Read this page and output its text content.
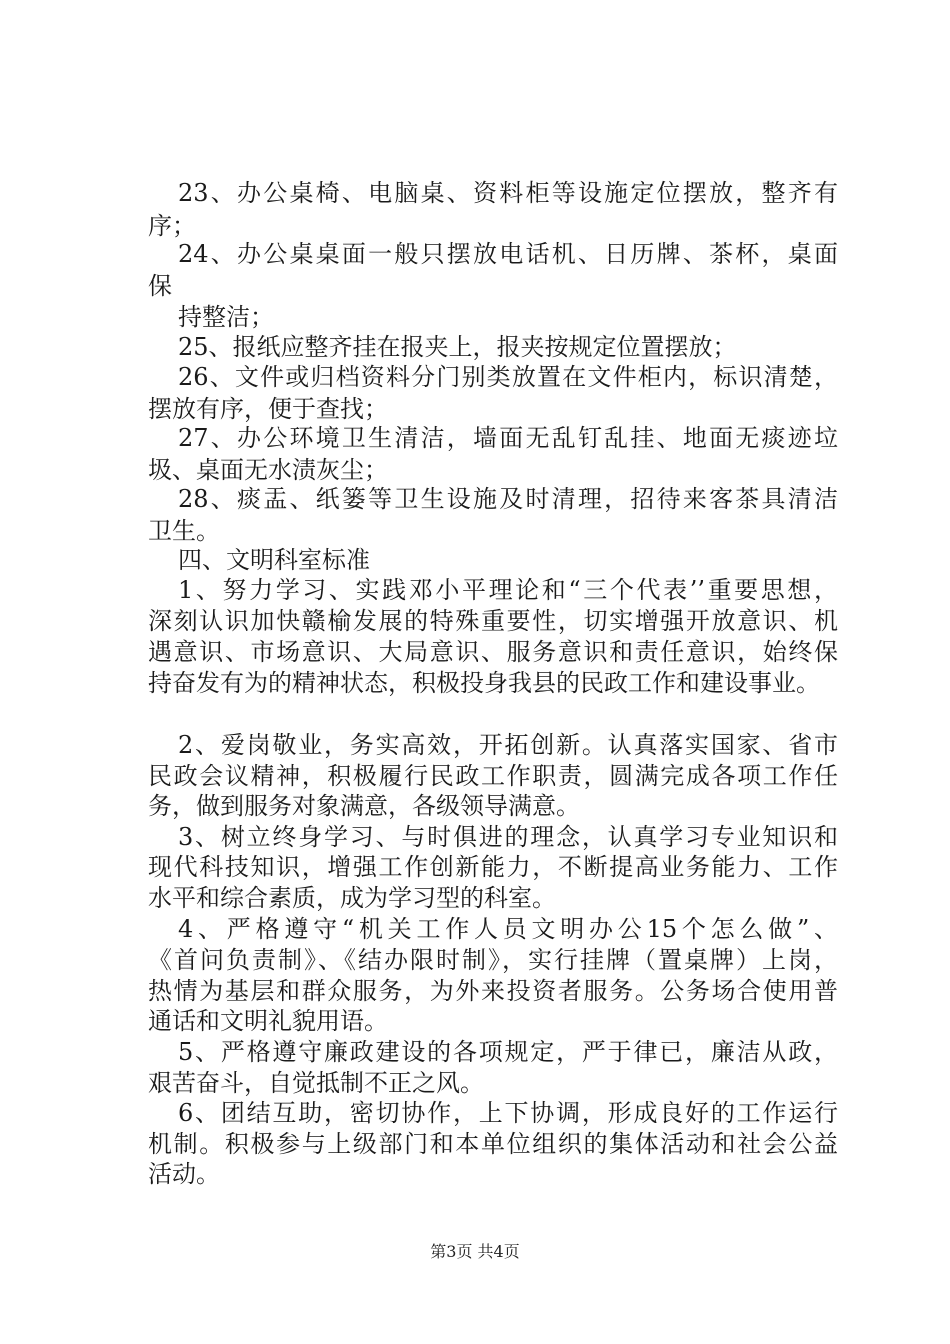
23、办公桌椅、电脑桌、资料柜等设施定位摆放，整齐有
序；
24、办公桌桌面一般只摆放电话机、日历牌、茶杯，桌面
保
持整洁；
25、报纸应整齐挂在报夹上，报夹按规定位置摆放；
26、文件或归档资料分门别类放置在文件柜内，标识清楚，
摆放有序，便于查找；
27、办公环境卫生清洁，墙面无乱钉乱挂、地面无痰迹垃
圾、桌面无水渍灰尘；
28、痰盂、纸篓等卫生设施及时清理，招待来客茶具清洁
卫生。
四、文明科室标准
1、努力学习、实践邓小平理论和“三个代表’’重要思想，
深刻认识加快赣榆发展的特殊重要性，切实增强开放意识、机
遇意识、市场意识、大局意识、服务意识和责任意识，始终保
持奋发有为的精神状态，积极投身我县的民政工作和建设事业。
2、爱岗敬业，务实高效，开拓创新。认真落实国家、省市
民政会议精神，积极履行民政工作职责，圆满完成各项工作任
务，做到服务对象满意，各级领导满意。
3、树立终身学习、与时俱进的理念，认真学习专业知识和
现代科技知识，增强工作创新能力，不断提高业务能力、工作
水平和综合素质，成为学习型的科室。
4、严格遵守“机关工作人员文明办公15个怎么做”、
《首问负责制》、《结办限时制》，实行挂牌（置桌牌）上岗，
热情为基层和群众服务，为外来投资者服务。公务场合使用普
通话和文明礼貌用语。
5、严格遵守廉政建设的各项规定，严于律已，廉洁从政，
艰苦奋斗，自觉抵制不正之风。
6、团结互助，密切协作，上下协调，形成良好的工作运行
机制。积极参与上级部门和本单位组织的集体活动和社会公益
活动。
第3页 共4页
